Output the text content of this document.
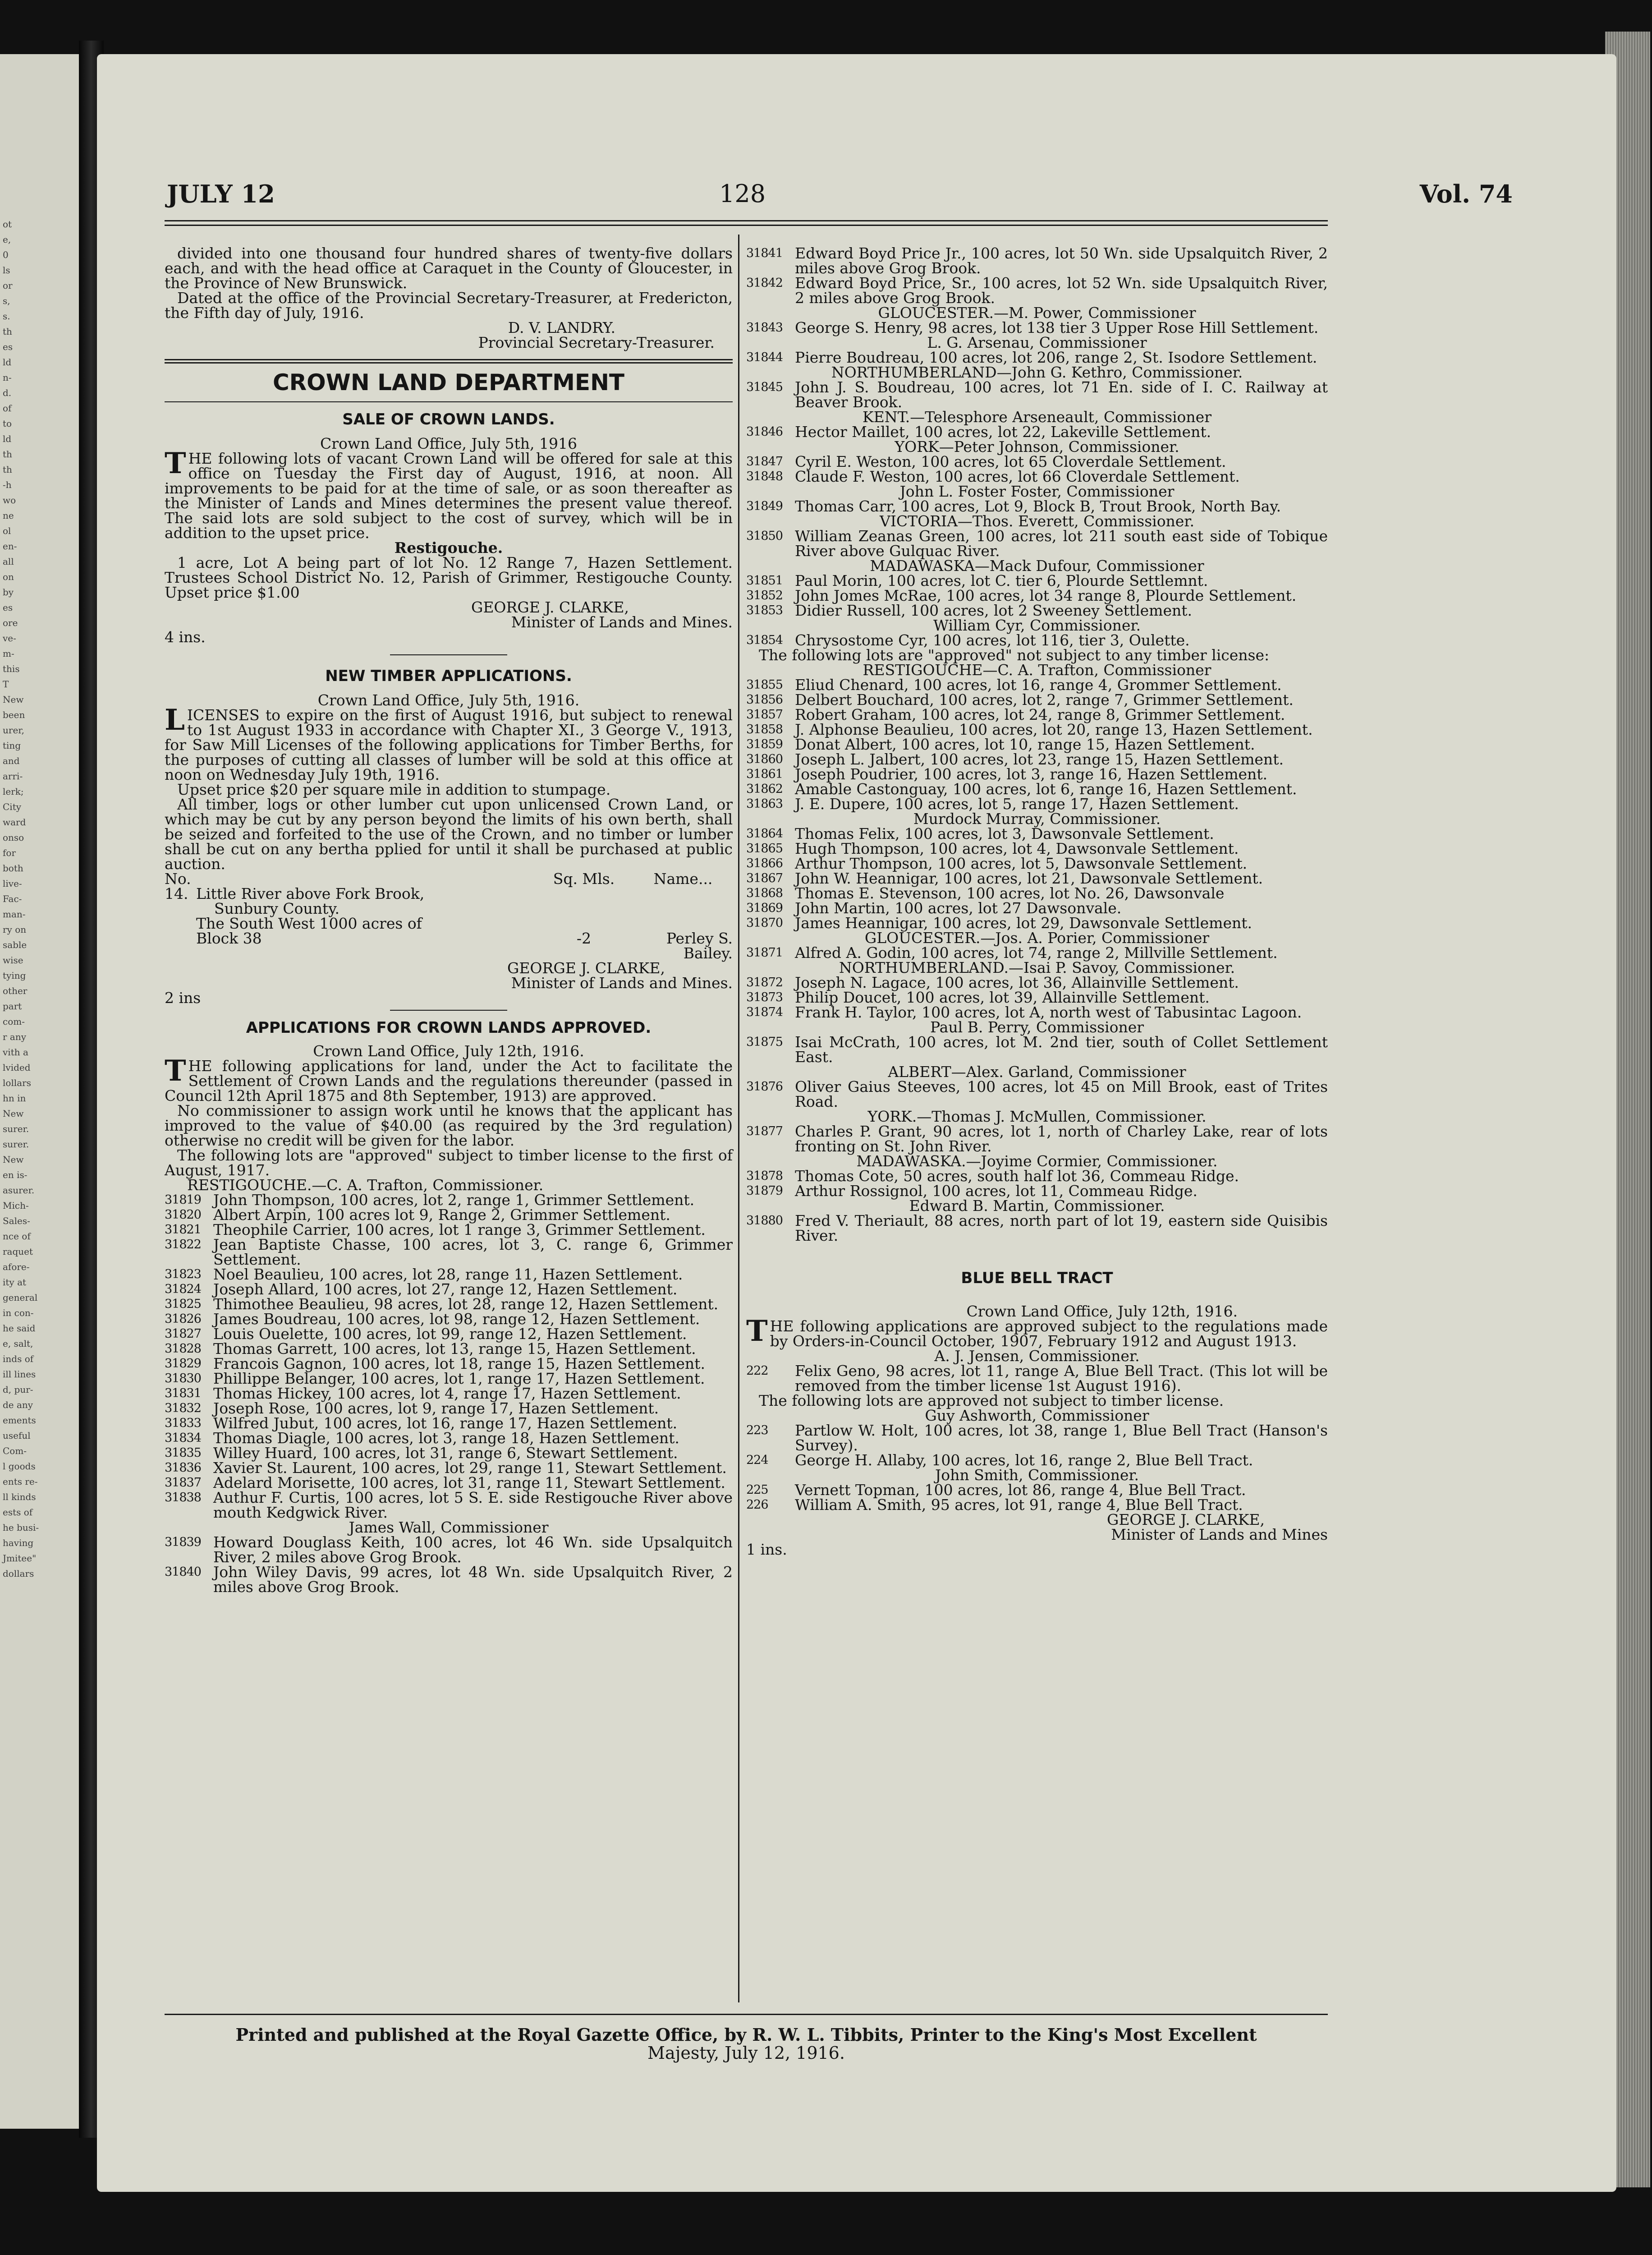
ot
e,
0
ls
or
s,
s.
th
es
ld
n-
d.
of
to
ld
th
th
-h
wo
ne
ol
en-
all
on
by
es
ore
ve-
m-
this
T
New
been
urer,
ting
and
arri-
lerk;
City
ward
onso
for
both
live-
Fac-
man-
ry on
sable
wise
tying
other
part
com-
r any
vith a
lvided
lollars
hn in
New
surer.
surer.
New
en is-
asurer.
Mich-
Sales-
nce of
raquet
afore-
ity at
general
in con-
he said
e, salt,
inds of
ill lines
d, pur-
de any
ements
useful
Com-
l goods
ents re-
ll kinds
ests of
he busi-
having
Jmitee"
dollars
JULY 12	128	Vol. 74

divided into one thousand four hundred shares of twenty-five dollars each, and with the head office at Caraquet in the County of Gloucester, in the Province of New Brunswick.

Dated at the office of the Provincial Secretary-Treasurer, at Fredericton, the Fifth day of July, 1916.

D. V. LANDRY.
Provincial Secretary-Treasurer.
CROWN LAND DEPARTMENT

SALE OF CROWN LANDS.

Crown Land Office, July 5th, 1916

THE following lots of vacant Crown Land will be offered for sale at this office on Tuesday the First day of August, 1916, at noon. All improvements to be paid for at the time of sale, or as soon thereafter as the Minister of Lands and Mines determines the present value thereof. The said lots are sold subject to the cost of survey, which will be in addition to the upset price.

Restigouche.

1 acre, Lot A being part of lot No. 12 Range 7, Hazen Settlement. Trustees School District No. 12, Parish of Grimmer, Restigouche County. Upset price $1.00

GEORGE J. CLARKE,
Minister of Lands and Mines.
4 ins.

NEW TIMBER APPLICATIONS.

Crown Land Office, July 5th, 1916.

LICENSES to expire on the first of August 1916, but subject to renewal to 1st August 1933 in accordance with Chapter XI., 3 George V., 1913, for Saw Mill Licenses of the following applications for Timber Berths, for the purposes of cutting all classes of lumber will be sold at this office at noon on Wednesday July 19th, 1916.

Upset price $20 per square mile in addition to stumpage.

All timber, logs or other lumber cut upon unlicensed Crown Land, or which may be cut by any person beyond the limits of his own berth, shall be seized and forfeited to the use of the Crown, and no timber or lumber shall be cut on any bertha pplied for until it shall be purchased at public auction.

No.		Sq. Mls.	Name...
14.	Little River above Fork Brook,		
	Sunbury County.		
	The South West 1000 acres of		
	Block 38	-2	Perley S. Bailey.
GEORGE J. CLARKE,
Minister of Lands and Mines.
2 ins

APPLICATIONS FOR CROWN LANDS APPROVED.

Crown Land Office, July 12th, 1916.

THE following applications for land, under the Act to facilitate the Settlement of Crown Lands and the regulations thereunder (passed in Council 12th April 1875 and 8th September, 1913) are approved.

No commissioner to assign work until he knows that the applicant has improved to the value of $40.00 (as required by the 3rd regulation) otherwise no credit will be given for the labor.

The following lots are "approved" subject to timber license to the first of August, 1917.

RESTIGOUCHE.—C. A. Trafton, Commissioner.
31819 John Thompson, 100 acres, lot 2, range 1, Grimmer Settlement.
31820 Albert Arpin, 100 acres lot 9, Range 2, Grimmer Settlement.
31821 Theophile Carrier, 100 acres, lot 1 range 3, Grimmer Settlement.
31822 Jean Baptiste Chasse, 100 acres, lot 3, C. range 6, Grimmer Settlement.
31823 Noel Beaulieu, 100 acres, lot 28, range 11, Hazen Settlement.
31824 Joseph Allard, 100 acres, lot 27, range 12, Hazen Settlement.
31825 Thimothee Beaulieu, 98 acres, lot 28, range 12, Hazen Settlement.
31826 James Boudreau, 100 acres, lot 98, range 12, Hazen Settlement.
31827 Louis Ouelette, 100 acres, lot 99, range 12, Hazen Settlement.
31828 Thomas Garrett, 100 acres, lot 13, range 15, Hazen Settlement.
31829 Francois Gagnon, 100 acres, lot 18, range 15, Hazen Settlement.
31830 Phillippe Belanger, 100 acres, lot 1, range 17, Hazen Settlement.
31831 Thomas Hickey, 100 acres, lot 4, range 17, Hazen Settlement.
31832 Joseph Rose, 100 acres, lot 9, range 17, Hazen Settlement.
31833 Wilfred Jubut, 100 acres, lot 16, range 17, Hazen Settlement.
31834 Thomas Diagle, 100 acres, lot 3, range 18, Hazen Settlement.
31835 Willey Huard, 100 acres, lot 31, range 6, Stewart Settlement.
31836 Xavier St. Laurent, 100 acres, lot 29, range 11, Stewart Settlement.
31837 Adelard Morisette, 100 acres, lot 31, range 11, Stewart Settlement.
31838 Authur F. Curtis, 100 acres, lot 5 S. E. side Restigouche River above mouth Kedgwick River.
James Wall, Commissioner
31839 Howard Douglass Keith, 100 acres, lot 46 Wn. side Upsalquitch River, 2 miles above Grog Brook.
31840 John Wiley Davis, 99 acres, lot 48 Wn. side Upsalquitch River, 2 miles above Grog Brook.
31841 Edward Boyd Price Jr., 100 acres, lot 50 Wn. side Upsalquitch River, 2 miles above Grog Brook.
31842 Edward Boyd Price, Sr., 100 acres, lot 52 Wn. side Upsalquitch River, 2 miles above Grog Brook.
GLOUCESTER.—M. Power, Commissioner
31843 George S. Henry, 98 acres, lot 138 tier 3 Upper Rose Hill Settlement.
L. G. Arsenau, Commissioner
31844 Pierre Boudreau, 100 acres, lot 206, range 2, St. Isodore Settlement.
NORTHUMBERLAND—John G. Kethro, Commissioner.
31845 John J. S. Boudreau, 100 acres, lot 71 En. side of I. C. Railway at Beaver Brook.
KENT.—Telesphore Arseneault, Commissioner
31846 Hector Maillet, 100 acres, lot 22, Lakeville Settlement.
YORK—Peter Johnson, Commissioner.
31847 Cyril E. Weston, 100 acres, lot 65 Cloverdale Settlement.
31848 Claude F. Weston, 100 acres, lot 66 Cloverdale Settlement.
John L. Foster Foster, Commissioner
31849 Thomas Carr, 100 acres, Lot 9, Block B, Trout Brook, North Bay.
VICTORIA—Thos. Everett, Commissioner.
31850 William Zeanas Green, 100 acres, lot 211 south east side of Tobique River above Gulquac River.
MADAWASKA—Mack Dufour, Commissioner
31851 Paul Morin, 100 acres, lot C. tier 6, Plourde Settlemnt.
31852 John Jomes McRae, 100 acres, lot 34 range 8, Plourde Settlement.
31853 Didier Russell, 100 acres, lot 2 Sweeney Settlement.
William Cyr, Commissioner.
31854 Chrysostome Cyr, 100 acres, lot 116, tier 3, Oulette.

The following lots are "approved" not subject to any timber license:

RESTIGOUCHE—C. A. Trafton, Commissioner
31855 Eliud Chenard, 100 acres, lot 16, range 4, Grommer Settlement.
31856 Delbert Bouchard, 100 acres, lot 2, range 7, Grimmer Settlement.
31857 Robert Graham, 100 acres, lot 24, range 8, Grimmer Settlement.
31858 J. Alphonse Beaulieu, 100 acres, lot 20, range 13, Hazen Settlement.
31859 Donat Albert, 100 acres, lot 10, range 15, Hazen Settlement.
31860 Joseph L. Jalbert, 100 acres, lot 23, range 15, Hazen Settlement.
31861 Joseph Poudrier, 100 acres, lot 3, range 16, Hazen Settlement.
31862 Amable Castonguay, 100 acres, lot 6, range 16, Hazen Settlement.
31863 J. E. Dupere, 100 acres, lot 5, range 17, Hazen Settlement.
Murdock Murray, Commissioner.
31864 Thomas Felix, 100 acres, lot 3, Dawsonvale Settlement.
31865 Hugh Thompson, 100 acres, lot 4, Dawsonvale Settlement.
31866 Arthur Thompson, 100 acres, lot 5, Dawsonvale Settlement.
31867 John W. Heannigar, 100 acres, lot 21, Dawsonvale Settlement.
31868 Thomas E. Stevenson, 100 acres, lot No. 26, Dawsonvale
31869 John Martin, 100 acres, lot 27 Dawsonvale.
31870 James Heannigar, 100 acres, lot 29, Dawsonvale Settlement.
GLOUCESTER.—Jos. A. Porier, Commissioner
31871 Alfred A. Godin, 100 acres, lot 74, range 2, Millville Settlement.
NORTHUMBERLAND.—Isai P. Savoy, Commissioner.
31872 Joseph N. Lagace, 100 acres, lot 36, Allainville Settlement.
31873 Philip Doucet, 100 acres, lot 39, Allainville Settlement.
31874 Frank H. Taylor, 100 acres, lot A, north west of Tabusintac Lagoon.
Paul B. Perry, Commissioner
31875 Isai McCrath, 100 acres, lot M. 2nd tier, south of Collet Settlement East.
ALBERT—Alex. Garland, Commissioner
31876 Oliver Gaius Steeves, 100 acres, lot 45 on Mill Brook, east of Trites Road.
YORK.—Thomas J. McMullen, Commissioner.
31877 Charles P. Grant, 90 acres, lot 1, north of Charley Lake, rear of lots fronting on St. John River.
MADAWASKA.—Joyime Cormier, Commissioner.
31878 Thomas Cote, 50 acres, south half lot 36, Commeau Ridge.
31879 Arthur Rossignol, 100 acres, lot 11, Commeau Ridge.
Edward B. Martin, Commissioner.
31880 Fred V. Theriault, 88 acres, north part of lot 19, eastern side Quisibis River.

BLUE BELL TRACT

Crown Land Office, July 12th, 1916.

THE following applications are approved subject to the regulations made by Orders-in-Council October, 1907, February 1912 and August 1913.

A. J. Jensen, Commissioner.
222	Felix Geno, 98 acres, lot 11, range A, Blue Bell Tract. (This lot will be removed from the timber license 1st August 1916).

The following lots are approved not subject to timber license.

Guy Ashworth, Commissioner
223	Partlow W. Holt, 100 acres, lot 38, range 1, Blue Bell Tract (Hanson's Survey).
224	George H. Allaby, 100 acres, lot 16, range 2, Blue Bell Tract.
John Smith, Commissioner.
225	Vernett Topman, 100 acres, lot 86, range 4, Blue Bell Tract.
226	William A. Smith, 95 acres, lot 91, range 4, Blue Bell Tract.
GEORGE J. CLARKE,
Minister of Lands and Mines
1 ins.
Printed and published at the Royal Gazette Office, by R. W. L. Tibbits, Printer to the King's Most Excellent
Majesty, July 12, 1916.
